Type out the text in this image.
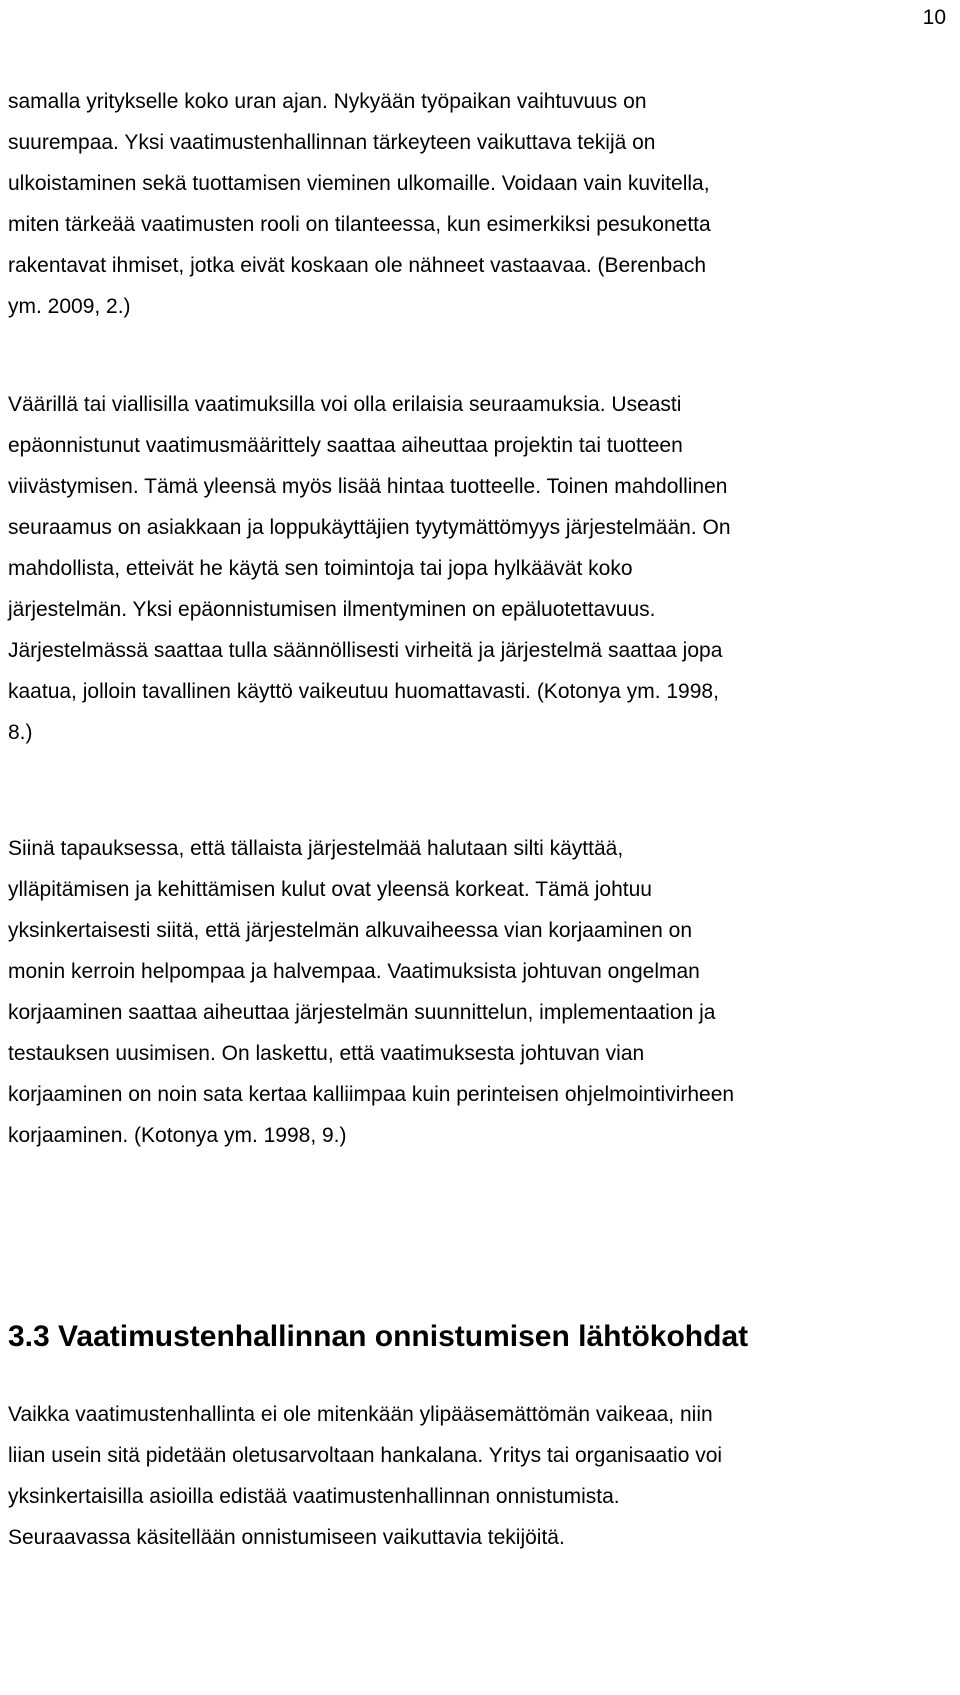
10
samalla yritykselle koko uran ajan. Nykyään työpaikan vaihtuvuus on
suurempaa. Yksi vaatimustenhallinnan tärkeyteen vaikuttava tekijä on
ulkoistaminen sekä tuottamisen vieminen ulkomaille. Voidaan vain kuvitella,
miten tärkeää vaatimusten rooli on tilanteessa, kun esimerkiksi pesukonetta
rakentavat ihmiset, jotka eivät koskaan ole nähneet vastaavaa. (Berenbach
ym. 2009, 2.)
Väärillä tai viallisilla vaatimuksilla voi olla erilaisia seuraamuksia. Useasti
epäonnistunut vaatimusmäärittely saattaa aiheuttaa projektin tai tuotteen
viivästymisen. Tämä yleensä myös lisää hintaa tuotteelle. Toinen mahdollinen
seuraamus on asiakkaan ja loppukäyttäjien tyytymättömyys järjestelmään. On
mahdollista, etteivät he käytä sen toimintoja tai jopa hylkäävät koko
järjestelmän. Yksi epäonnistumisen ilmentyminen on epäluotettavuus.
Järjestelmässä saattaa tulla säännöllisesti virheitä ja järjestelmä saattaa jopa
kaatua, jolloin tavallinen käyttö vaikeutuu huomattavasti. (Kotonya ym. 1998,
8.)
Siinä tapauksessa, että tällaista järjestelmää halutaan silti käyttää,
ylläpitämisen ja kehittämisen kulut ovat yleensä korkeat. Tämä johtuu
yksinkertaisesti siitä, että järjestelmän alkuvaiheessa vian korjaaminen on
monin kerroin helpompaa ja halvempaa. Vaatimuksista johtuvan ongelman
korjaaminen saattaa aiheuttaa järjestelmän suunnittelun, implementaation ja
testauksen uusimisen. On laskettu, että vaatimuksesta johtuvan vian
korjaaminen on noin sata kertaa kalliimpaa kuin perinteisen ohjelmointivirheen
korjaaminen. (Kotonya ym. 1998, 9.)
3.3 Vaatimustenhallinnan onnistumisen lähtökohdat
Vaikka vaatimustenhallinta ei ole mitenkään ylipääsemättömän vaikeaa, niin
liian usein sitä pidetään oletusarvoltaan hankalana. Yritys tai organisaatio voi
yksinkertaisilla asioilla edistää vaatimustenhallinnan onnistumista.
Seuraavassa käsitellään onnistumiseen vaikuttavia tekijöitä.
